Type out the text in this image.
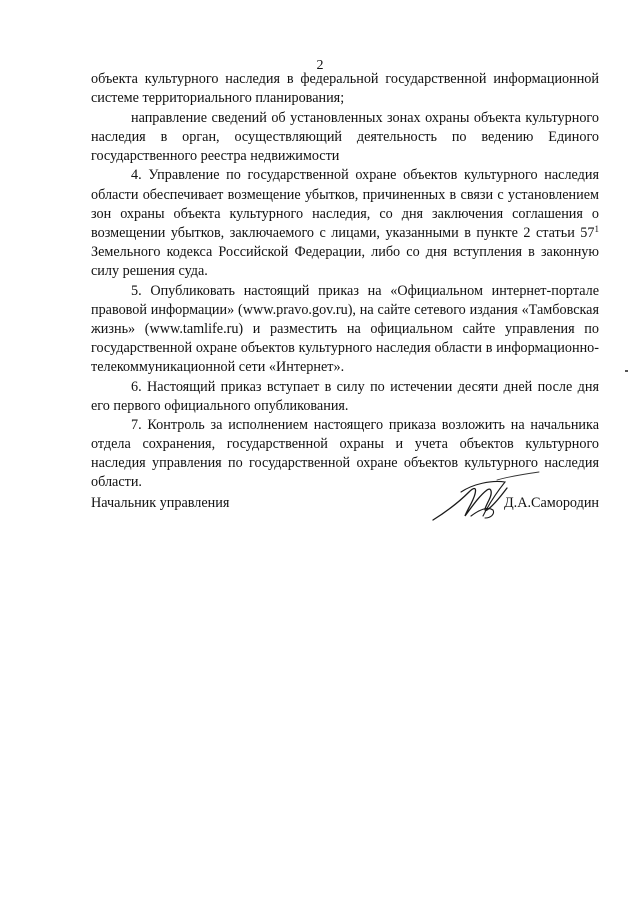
2

объекта культурного наследия в федеральной государственной информационной системе территориального планирования;

направление сведений об установленных зонах охраны объекта культурного наследия в орган, осуществляющий деятельность по ведению Единого государственного реестра недвижимости

4. Управление по государственной охране объектов культурного наследия области обеспечивает возмещение убытков, причиненных в связи с установлением зон охраны объекта культурного наследия, со дня заключения соглашения о возмещении убытков, заключаемого с лицами, указанными в пункте 2 статьи $57^1$ Земельного кодекса Российской Федерации, либо со дня вступления в законную силу решения суда.

5. Опубликовать настоящий приказ на «Официальном интернет-портале правовой информации» (www.pravo.gov.ru), на сайте сетевого издания «Тамбовская жизнь» (www.tamlife.ru) и разместить на официальном сайте управления по государственной охране объектов культурного наследия области в информационно-телекоммуникационной сети «Интернет».

6. Настоящий приказ вступает в силу по истечении десяти дней после дня его первого официального опубликования.

7. Контроль за исполнением настоящего приказа возложить на начальника отдела сохранения, государственной охраны и учета объектов культурного наследия управления по государственной охране объектов культурного наследия области.

Начальник управления	Д.А.Самородин
